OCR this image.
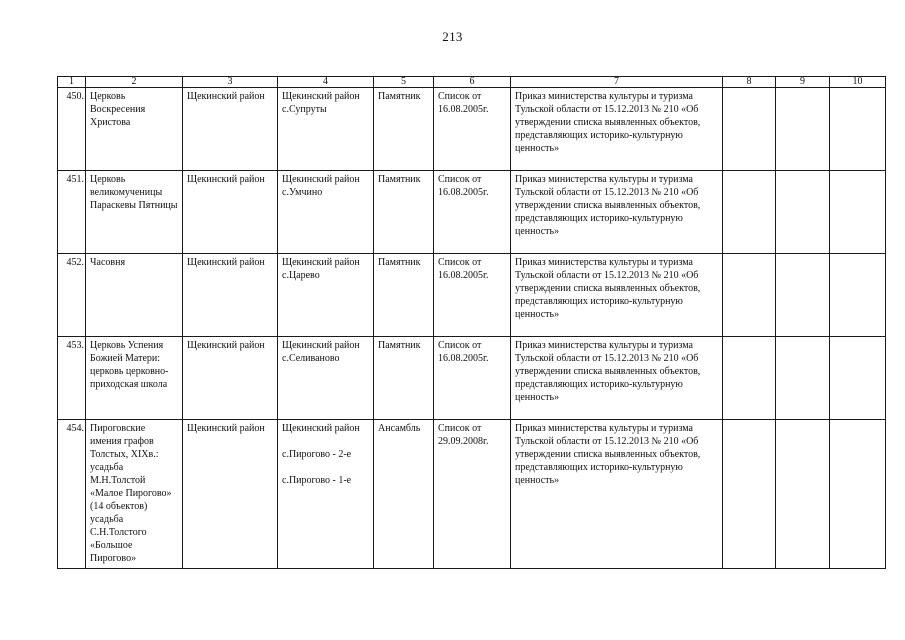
213
1	2	3	4	5	6	7	8	9	10
450.	Церковь Воскресения Христова	Щекинский район	Щекинский район с.Супруты	Памятник	Список от 16.08.2005г.	Приказ министерства культуры и туризма Тульской области от 15.12.2013 № 210 «Об утверждении списка выявленных объектов, представляющих историко-культурную ценность»			
451.	Церковь великомученицы Параскевы Пятницы	Щекинский район	Щекинский район с.Умчино	Памятник	Список от 16.08.2005г.	Приказ министерства культуры и туризма Тульской области от 15.12.2013 № 210 «Об утверждении списка выявленных объектов, представляющих историко-культурную ценность»			
452.	Часовня	Щекинский район	Щекинский район с.Царево	Памятник	Список от 16.08.2005г.	Приказ министерства культуры и туризма Тульской области от 15.12.2013 № 210 «Об утверждении списка выявленных объектов, представляющих историко-культурную ценность»			
453.	Церковь Успения Божией Матери: церковь церковно-приходская школа	Щекинский район	Щекинский район с.Селиваново	Памятник	Список от 16.08.2005г.	Приказ министерства культуры и туризма Тульской области от 15.12.2013 № 210 «Об утверждении списка выявленных объектов, представляющих историко-культурную ценность»			
454.	Пироговские имения графов Толстых, XIXв.: усадьба М.Н.Толстой «Малое Пирогово» (14 объектов) усадьба С.Н.Толстого «Большое Пирогово»	Щекинский район	Щекинский район
с.Пирогово - 2-е
с.Пирогово - 1-е	Ансамбль	Список от 29.09.2008г.	Приказ министерства культуры и туризма Тульской области от 15.12.2013 № 210 «Об утверждении списка выявленных объектов, представляющих историко-культурную ценность»			
